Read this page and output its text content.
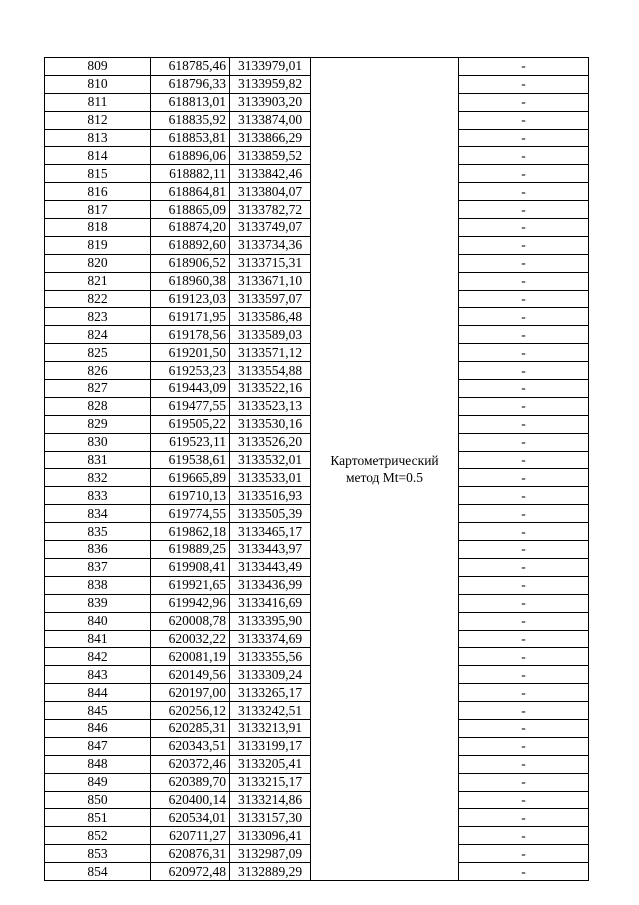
809	618785,46	3133979,01	Картометрический
метод Mt=0.5	-
810	618796,33	3133959,82		-
811	618813,01	3133903,20		-
812	618835,92	3133874,00		-
813	618853,81	3133866,29		-
814	618896,06	3133859,52		-
815	618882,11	3133842,46		-
816	618864,81	3133804,07		-
817	618865,09	3133782,72		-
818	618874,20	3133749,07		-
819	618892,60	3133734,36		-
820	618906,52	3133715,31		-
821	618960,38	3133671,10		-
822	619123,03	3133597,07		-
823	619171,95	3133586,48		-
824	619178,56	3133589,03		-
825	619201,50	3133571,12		-
826	619253,23	3133554,88		-
827	619443,09	3133522,16		-
828	619477,55	3133523,13		-
829	619505,22	3133530,16		-
830	619523,11	3133526,20		-
831	619538,61	3133532,01		-
832	619665,89	3133533,01		-
833	619710,13	3133516,93		-
834	619774,55	3133505,39		-
835	619862,18	3133465,17		-
836	619889,25	3133443,97		-
837	619908,41	3133443,49		-
838	619921,65	3133436,99		-
839	619942,96	3133416,69		-
840	620008,78	3133395,90		-
841	620032,22	3133374,69		-
842	620081,19	3133355,56		-
843	620149,56	3133309,24		-
844	620197,00	3133265,17		-
845	620256,12	3133242,51		-
846	620285,31	3133213,91		-
847	620343,51	3133199,17		-
848	620372,46	3133205,41		-
849	620389,70	3133215,17		-
850	620400,14	3133214,86		-
851	620534,01	3133157,30		-
852	620711,27	3133096,41		-
853	620876,31	3132987,09		-
854	620972,48	3132889,29		-
